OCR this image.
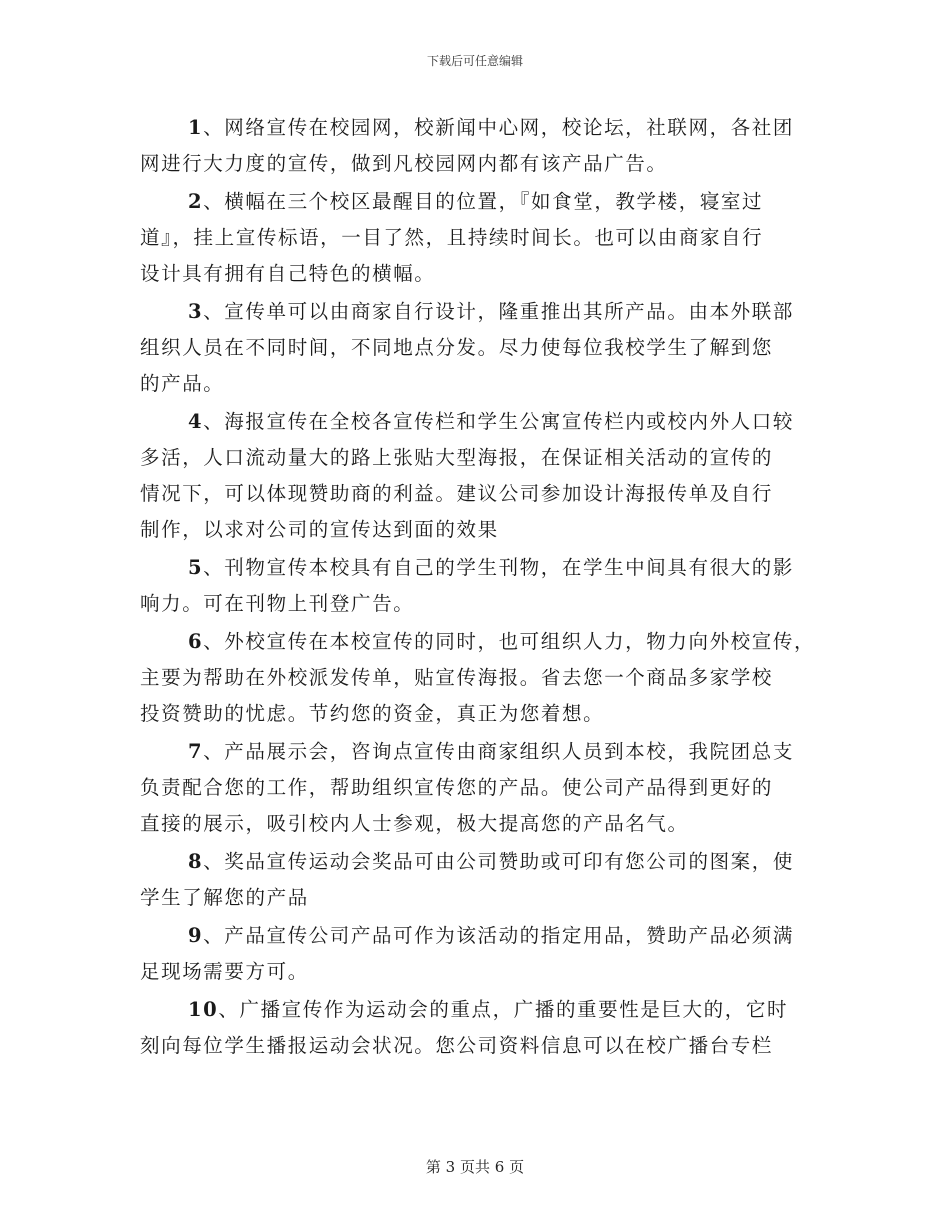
下载后可任意编辑
1、网络宣传在校园网，校新闻中心网，校论坛，社联网，各社团
网进行大力度的宣传，做到凡校园网内都有该产品广告。
2、横幅在三个校区最醒目的位置，『如食堂，教学楼，寝室过
道』，挂上宣传标语，一目了然，且持续时间长。也可以由商家自行
设计具有拥有自己特色的横幅。
3、宣传单可以由商家自行设计，隆重推出其所产品。由本外联部
组织人员在不同时间，不同地点分发。尽力使每位我校学生了解到您
的产品。
4、海报宣传在全校各宣传栏和学生公寓宣传栏内或校内外人口较
多活，人口流动量大的路上张贴大型海报，在保证相关活动的宣传的
情况下，可以体现赞助商的利益。建议公司参加设计海报传单及自行
制作，以求对公司的宣传达到面的效果
5、刊物宣传本校具有自己的学生刊物，在学生中间具有很大的影
响力。可在刊物上刊登广告。
6、外校宣传在本校宣传的同时，也可组织人力，物力向外校宣传，
主要为帮助在外校派发传单，贴宣传海报。省去您一个商品多家学校
投资赞助的忧虑。节约您的资金，真正为您着想。
7、产品展示会，咨询点宣传由商家组织人员到本校，我院团总支
负责配合您的工作，帮助组织宣传您的产品。使公司产品得到更好的
直接的展示，吸引校内人士参观，极大提高您的产品名气。
8、奖品宣传运动会奖品可由公司赞助或可印有您公司的图案，使
学生了解您的产品
9、产品宣传公司产品可作为该活动的指定用品，赞助产品必须满
足现场需要方可。
10、广播宣传作为运动会的重点，广播的重要性是巨大的，它时
刻向每位学生播报运动会状况。您公司资料信息可以在校广播台专栏
第 3 页共 6 页
